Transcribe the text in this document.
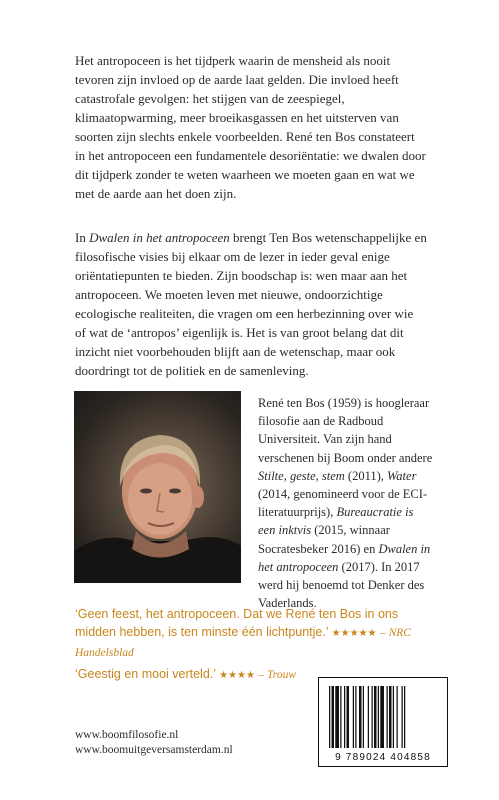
Het antropoceen is het tijdperk waarin de mensheid als nooit tevoren zijn invloed op de aarde laat gelden. Die invloed heeft catastrofale gevolgen: het stijgen van de zeespiegel, klimaatopwarming, meer broeikasgassen en het uitsterven van soorten zijn slechts enkele voorbeelden. René ten Bos constateert in het antropoceen een fundamentele desoriëntatie: we dwalen door dit tijdperk zonder te weten waarheen we moeten gaan en wat we met de aarde aan het doen zijn.

In Dwalen in het antropoceen brengt Ten Bos wetenschappelijke en filosofische visies bij elkaar om de lezer in ieder geval enige oriëntatiepunten te bieden. Zijn boodschap is: wen maar aan het antropoceen. We moeten leven met nieuwe, ondoorzichtige ecologische realiteiten, die vragen om een herbezinning over wie of wat de ‘antropos’ eigenlijk is. Het is van groot belang dat dit inzicht niet voorbehouden blijft aan de wetenschap, maar ook doordringt tot de politiek en de samenleving.

René ten Bos (1959) is hoogleraar filosofie aan de Radboud Universiteit. Van zijn hand verschenen bij Boom onder andere Stilte, geste, stem (2011), Water (2014, genomineerd voor de ECI-literatuurprijs), Bureaucratie is een inktvis (2015, winnaar Socratesbeker 2016) en Dwalen in het antropoceen (2017). In 2017 werd hij benoemd tot Denker des Vaderlands.

‘Geen feest, het antropoceen. Dat we René ten Bos in ons midden hebben, is ten minste één lichtpuntje.’ ★★★★★ – NRC Handelsblad

‘Geestig en mooi verteld.’ ★★★★ – Trouw

www.boomfilosofie.nl
www.boomuitgeversamsterdam.nl

9 789024 404858
